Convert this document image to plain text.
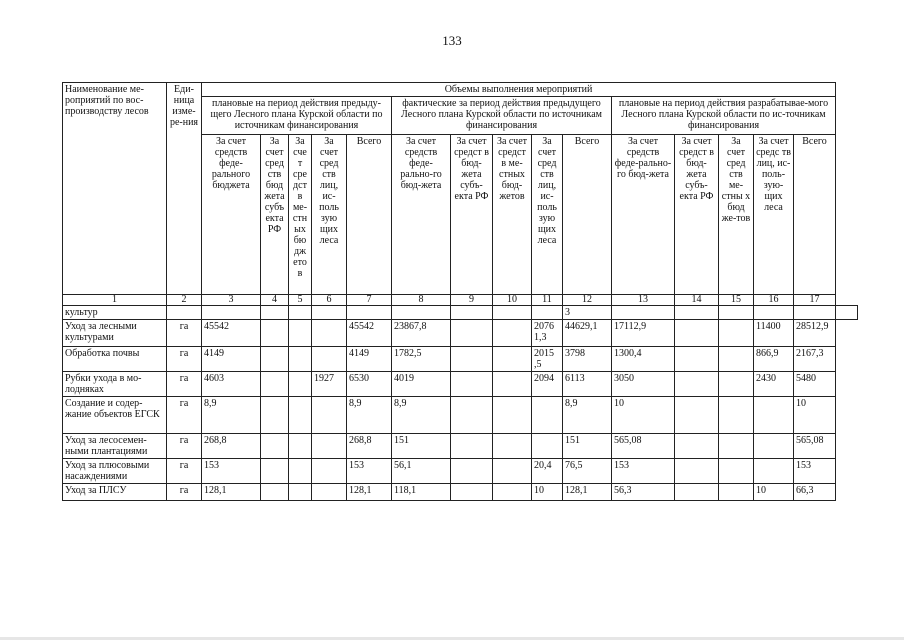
133
Наименование ме-роприятий по вос-производству лесов	Еди-ница изме-ре-ния	Объемы выполнения мероприятий															
		плановые на период действия предыду-щего Лесного плана Курской области по источникам финансирования					фактические за период действия предыдущего Лесного плана Курской области по источникам финансирования					плановые на период действия разрабатывае-мого Лесного плана Курской области по ис-точникам финансирования					
		За счет средств феде-рального бюджета	За счет сред ств бюд жета субъ екта РФ	За сче т сре дст в ме-стн ых бю дж ето в	За счет сред ств лиц, ис-поль зую щих леса	Всего	За счет средств феде-рально-го бюд-жета	За счет средст в бюд-жета субъ-екта РФ	За счет средст в ме-стных бюд-жетов	За счет сред ств лиц, ис-поль зую щих леса	Всего	За счет средств феде-рально-го бюд-жета	За счет средст в бюд-жета субъ-екта РФ	За счет сред ств ме-стны х бюд же-тов	За счет средс тв лиц, ис-поль-зую-щих леса	Всего	
1	2	3	4	5	6	7	8	9	10	11	12	13	14	15	16	17	
культур											3						
Уход за лесными культурами	га	45542				45542	23867,8			2076 1,3	44629,1	17112,9			11400	28512,9	
Обработка почвы	га	4149				4149	1782,5			2015 ,5	3798	1300,4			866,9	2167,3	
Рубки ухода в мо-лодняках	га	4603			1927	6530	4019			2094	6113	3050			2430	5480	
Создание и содер-жание объектов ЕГСК	га	8,9				8,9	8,9				8,9	10				10	
Уход за лесосемен-ными плантациями	га	268,8				268,8	151				151	565,08				565,08	
Уход за плюсовыми насаждениями	га	153				153	56,1			20,4	76,5	153				153	
Уход за ПЛСУ	га	128,1				128,1	118,1			10	128,1	56,3			10	66,3	
